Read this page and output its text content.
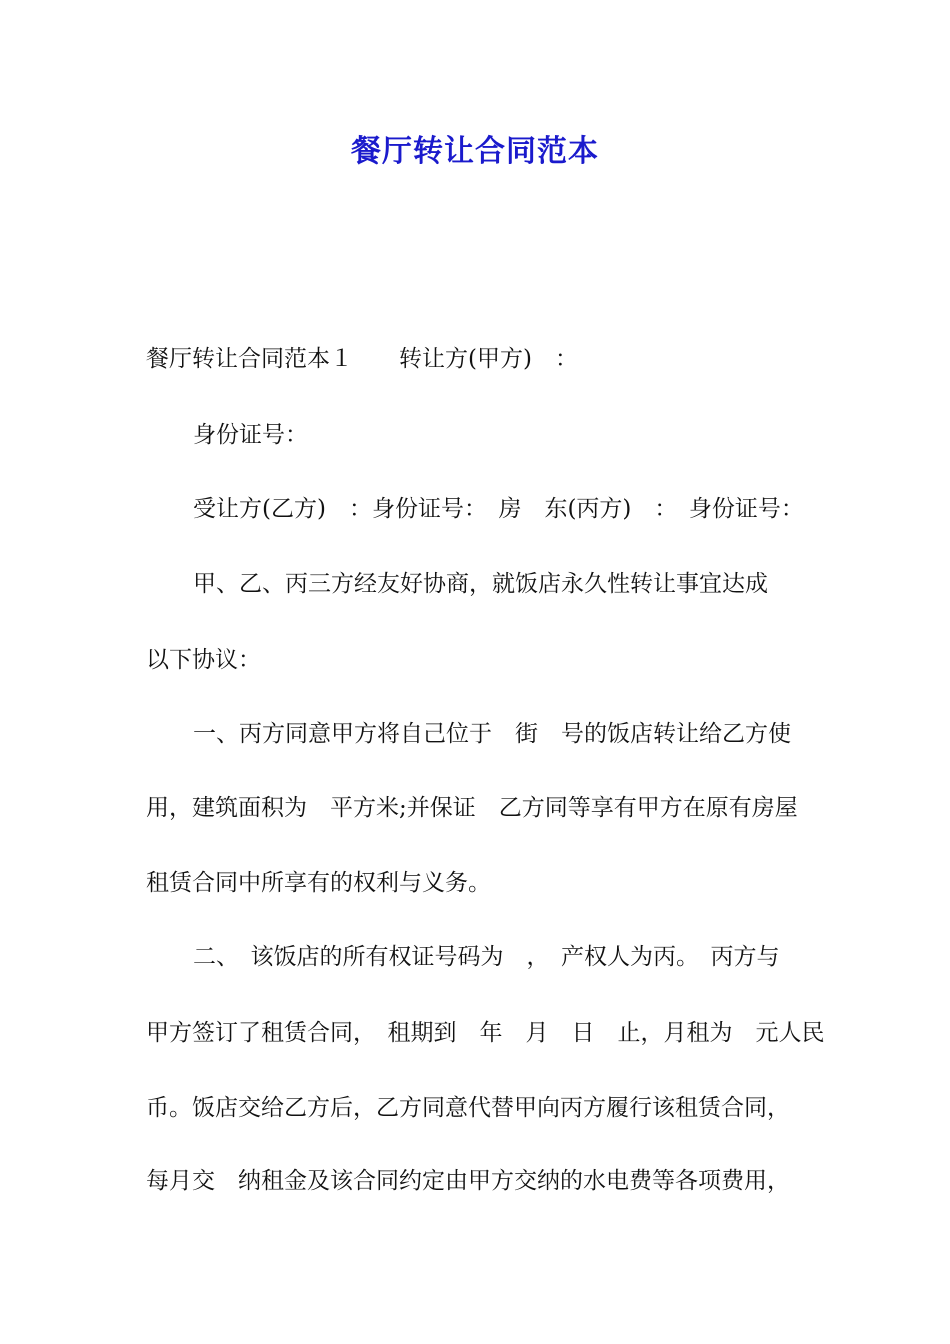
餐厅转让合同范本
餐厅转让合同范本１　　转让方(甲方)　：
身份证号：
受让方(乙方)　：身份证号：　房　东(丙方)　：　身份证号：
甲、乙、丙三方经友好协商，就饭店永久性转让事宜达成
以下协议：
一、丙方同意甲方将自己位于　街　号的饭店转让给乙方使
用，建筑面积为　平方米;并保证　乙方同等享有甲方在原有房屋
租赁合同中所享有的权利与义务。
二、　该饭店的所有权证号码为　，　产权人为丙。　丙方与
甲方签订了租赁合同，　租期到　年　月　日　止，月租为　元人民
币。饭店交给乙方后，乙方同意代替甲向丙方履行该租赁合同，
每月交　纳租金及该合同约定由甲方交纳的水电费等各项费用，
